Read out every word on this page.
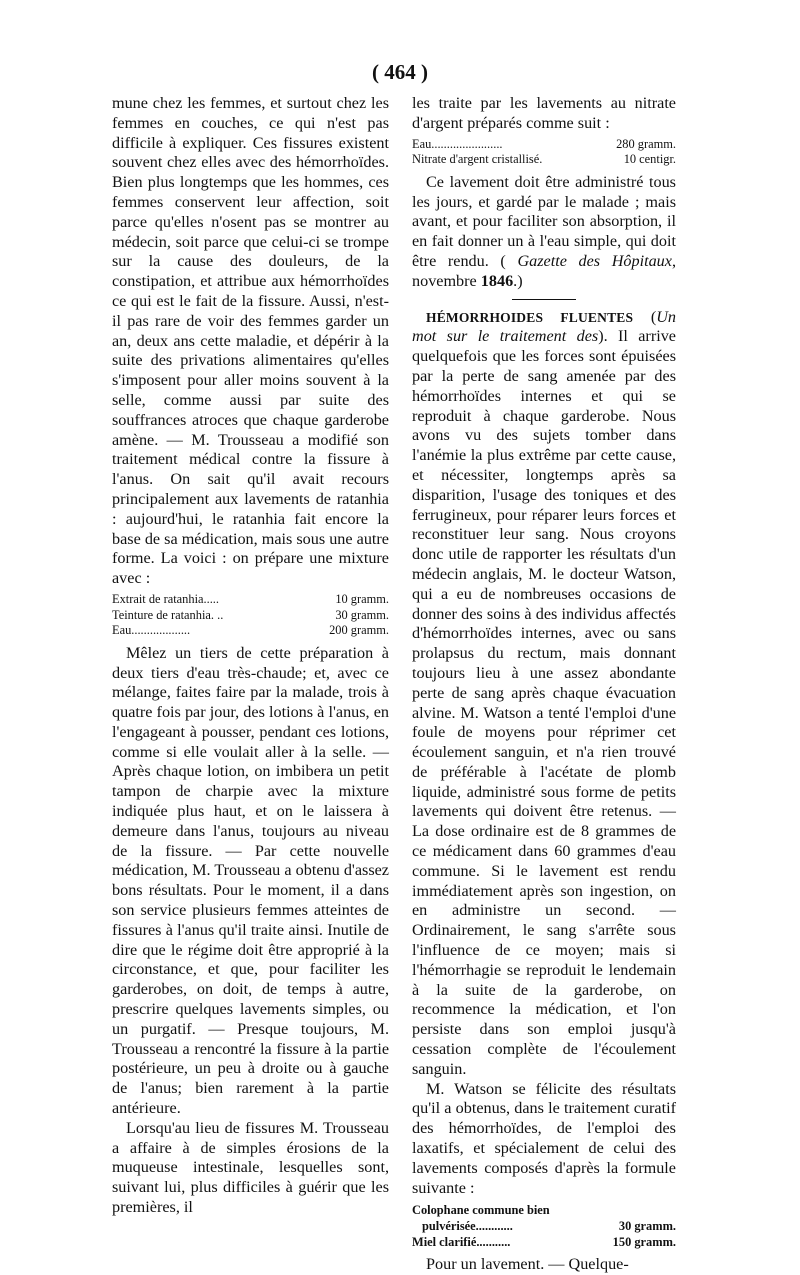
( 464 )

mune chez les femmes, et surtout chez les femmes en couches, ce qui n'est pas difficile à expliquer. Ces fissures existent souvent chez elles avec des hémorrhoïdes. Bien plus longtemps que les hommes, ces femmes conservent leur affection, soit parce qu'elles n'osent pas se montrer au médecin, soit parce que celui-ci se trompe sur la cause des douleurs, de la constipation, et attribue aux hémorrhoïdes ce qui est le fait de la fissure. Aussi, n'est-il pas rare de voir des femmes garder un an, deux ans cette maladie, et dépérir à la suite des privations alimentaires qu'elles s'imposent pour aller moins souvent à la selle, comme aussi par suite des souffrances atroces que chaque garderobe amène. — M. Trousseau a modifié son traitement médical contre la fissure à l'anus. On sait qu'il avait recours principalement aux lavements de ratanhia : aujourd'hui, le ratanhia fait encore la base de sa médication, mais sous une autre forme. La voici : on prépare une mixture avec :

Extrait de ratanhia.....	10 gramm.
Teinture de ratanhia. ..	30 gramm.
Eau...................	200 gramm.

Mêlez un tiers de cette préparation à deux tiers d'eau très-chaude; et, avec ce mélange, faites faire par la malade, trois à quatre fois par jour, des lotions à l'anus, en l'engageant à pousser, pendant ces lotions, comme si elle voulait aller à la selle. — Après chaque lotion, on imbibera un petit tampon de charpie avec la mixture indiquée plus haut, et on le laissera à demeure dans l'anus, toujours au niveau de la fissure. — Par cette nouvelle médication, M. Trousseau a obtenu d'assez bons résultats. Pour le moment, il a dans son service plusieurs femmes atteintes de fissures à l'anus qu'il traite ainsi. Inutile de dire que le régime doit être approprié à la circonstance, et que, pour faciliter les garderobes, on doit, de temps à autre, prescrire quelques lavements simples, ou un purgatif. — Presque toujours, M. Trousseau a rencontré la fissure à la partie postérieure, un peu à droite ou à gauche de l'anus; bien rarement à la partie antérieure.

Lorsqu'au lieu de fissures M. Trousseau a affaire à de simples érosions de la muqueuse intestinale, lesquelles sont, suivant lui, plus difficiles à guérir que les premières, il

les traite par les lavements au nitrate d'argent préparés comme suit :

Eau.......................	280 gramm.
Nitrate d'argent cristallisé.	10 centigr.

Ce lavement doit être administré tous les jours, et gardé par le malade ; mais avant, et pour faciliter son absorption, il en fait donner un à l'eau simple, qui doit être rendu. ( Gazette des Hôpitaux, novembre 1846.)

HÉMORRHOIDES FLUENTES (Un mot sur le traitement des). Il arrive quelquefois que les forces sont épuisées par la perte de sang amenée par des hémorrhoïdes internes et qui se reproduit à chaque garderobe. Nous avons vu des sujets tomber dans l'anémie la plus extrême par cette cause, et nécessiter, longtemps après sa disparition, l'usage des toniques et des ferrugineux, pour réparer leurs forces et reconstituer leur sang. Nous croyons donc utile de rapporter les résultats d'un médecin anglais, M. le docteur Watson, qui a eu de nombreuses occasions de donner des soins à des individus affectés d'hémorrhoïdes internes, avec ou sans prolapsus du rectum, mais donnant toujours lieu à une assez abondante perte de sang après chaque évacuation alvine. M. Watson a tenté l'emploi d'une foule de moyens pour réprimer cet écoulement sanguin, et n'a rien trouvé de préférable à l'acétate de plomb liquide, administré sous forme de petits lavements qui doivent être retenus. — La dose ordinaire est de 8 grammes de ce médicament dans 60 grammes d'eau commune. Si le lavement est rendu immédiatement après son ingestion, on en administre un second. — Ordinairement, le sang s'arrête sous l'influence de ce moyen; mais si l'hémorrhagie se reproduit le lendemain à la suite de la garderobe, on recommence la médication, et l'on persiste dans son emploi jusqu'à cessation complète de l'écoulement sanguin.

M. Watson se félicite des résultats qu'il a obtenus, dans le traitement curatif des hémorrhoïdes, de l'emploi des laxatifs, et spécialement de celui des lavements composés d'après la formule suivante :

Colophane commune bien
pulvérisée............	30 gramm.
Miel clarifié...........	150 gramm.

Pour un lavement. — Quelque-
